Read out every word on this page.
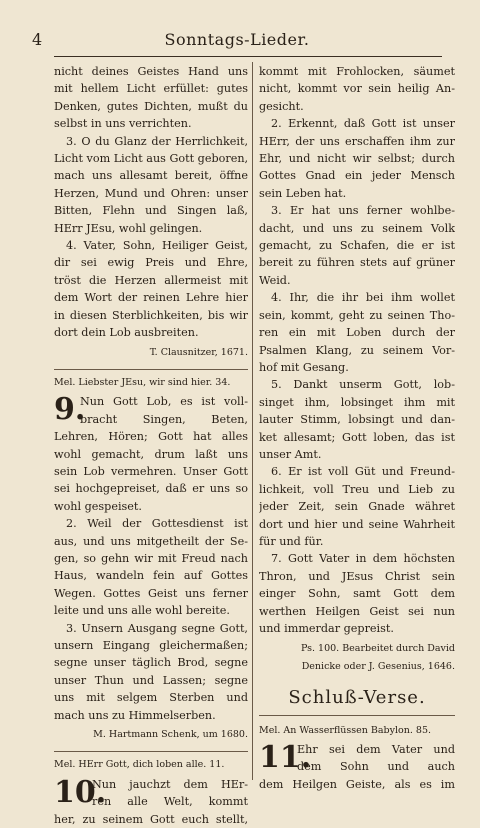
4	Sonntags-Lieder.
nicht deines Geistes Hand uns
mit hellem Licht erfüllet: gutes
Denken, gutes Dichten, mußt du
selbst in uns verrichten.
3. O du Glanz der Herrlichkeit,
Licht vom Licht aus Gott geboren,
mach uns allesamt bereit, öffne
Herzen, Mund und Ohren: unser
Bitten, Flehn und Singen laß,
HErr JEsu, wohl gelingen.
4. Vater, Sohn, Heiliger Geist,
dir sei ewig Preis und Ehre,
tröst die Herzen allermeist mit
dem Wort der reinen Lehre hier
in diesen Sterblichkeiten, bis wir
dort dein Lob ausbreiten.
T. Clausnitzer, 1671.
Mel. Liebster JEsu, wir sind hier. 34.
9.
Nun Gott Lob, es ist voll-
bracht Singen, Beten,
Lehren, Hören; Gott hat alles
wohl gemacht, drum laßt uns
sein Lob vermehren. Unser Gott
sei hochgepreiset, daß er uns so
wohl gespeiset.
2. Weil der Gottesdienst ist
aus, und uns mitgetheilt der Se-
gen, so gehn wir mit Freud nach
Haus, wandeln fein auf Gottes
Wegen. Gottes Geist uns ferner
leite und uns alle wohl bereite.
3. Unsern Ausgang segne Gott,
unsern Eingang gleichermaßen;
segne unser täglich Brod, segne
unser Thun und Lassen; segne
uns mit selgem Sterben und
mach uns zu Himmelserben.
M. Hartmann Schenk, um 1680.
Mel. HErr Gott, dich loben alle. 11.
10.
Nun jauchzt dem HEr-
ren alle Welt, kommt
her, zu seinem Gott euch stellt,
kommt mit Frohlocken, säumet
nicht, kommt vor sein heilig An-
gesicht.
2. Erkennt, daß Gott ist unser
HErr, der uns erschaffen ihm zur
Ehr, und nicht wir selbst; durch
Gottes Gnad ein jeder Mensch
sein Leben hat.
3. Er hat uns ferner wohlbe-
dacht, und uns zu seinem Volk
gemacht, zu Schafen, die er ist
bereit zu führen stets auf grüner
Weid.
4. Ihr, die ihr bei ihm wollet
sein, kommt, geht zu seinen Tho-
ren ein mit Loben durch der
Psalmen Klang, zu seinem Vor-
hof mit Gesang.
5. Dankt unserm Gott, lob-
singet ihm, lobsinget ihm mit
lauter Stimm, lobsingt und dan-
ket allesamt; Gott loben, das ist
unser Amt.
6. Er ist voll Güt und Freund-
lichkeit, voll Treu und Lieb zu
jeder Zeit, sein Gnade währet
dort und hier und seine Wahrheit
für und für.
7. Gott Vater in dem höchsten
Thron, und JEsus Christ sein
einger Sohn, samt Gott dem
werthen Heilgen Geist sei nun
und immerdar gepreist.
Ps. 100. Bearbeitet durch David
Denicke oder J. Gesenius, 1646.
Schluß-Verse.
Mel. An Wasserflüssen Babylon. 85.
11.
Ehr sei dem Vater und
dem Sohn und auch
dem Heilgen Geiste, als es im
